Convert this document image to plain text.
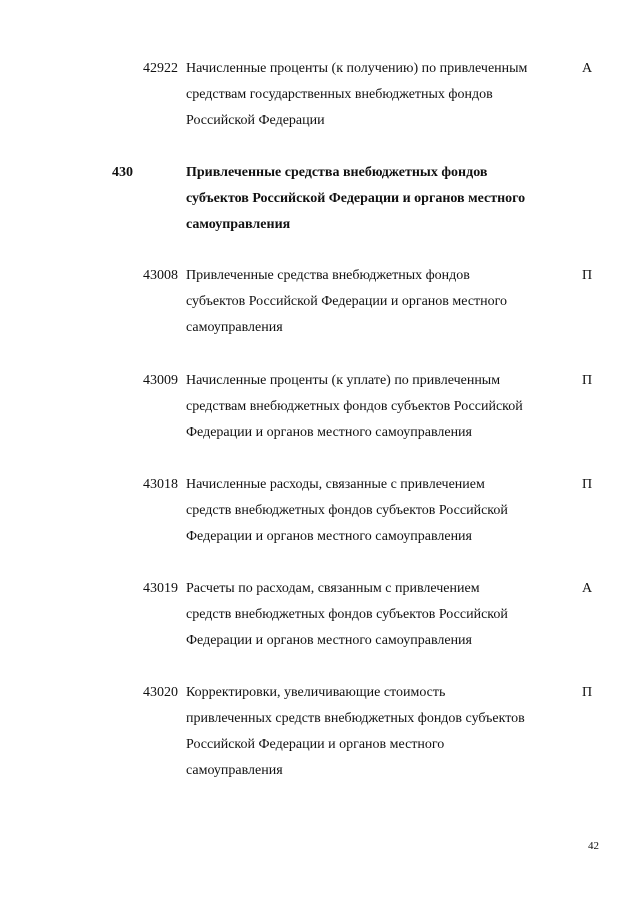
42922 Начисленные проценты (к получению) по привлеченным
средствам государственных внебюджетных фондов
Российской Федерации
А
430	Привлеченные средства внебюджетных фондов
субъектов Российской Федерации и органов местного
самоуправления
43008 Привлеченные средства внебюджетных фондов
субъектов Российской Федерации и органов местного
самоуправления
П
43009 Начисленные проценты (к уплате) по привлеченным
средствам внебюджетных фондов субъектов Российской
Федерации и органов местного самоуправления
П
43018 Начисленные расходы, связанные с привлечением
средств внебюджетных фондов субъектов Российской
Федерации и органов местного самоуправления
П
43019 Расчеты по расходам, связанным с привлечением
средств внебюджетных фондов субъектов Российской
Федерации и органов местного самоуправления
А
43020 Корректировки, увеличивающие стоимость
привлеченных средств внебюджетных фондов субъектов
Российской Федерации и органов местного
самоуправления
П
42
